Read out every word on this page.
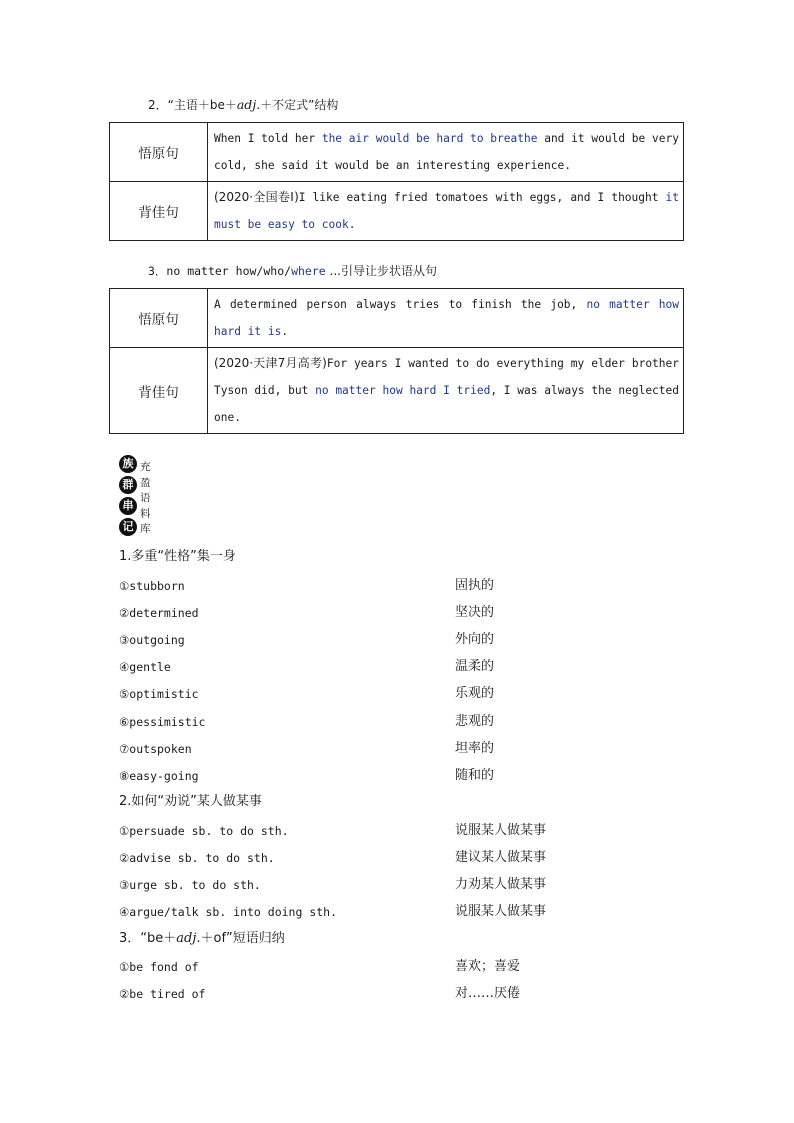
2．“主语＋be＋adj.＋不定式”结构
悟原句	When I told her the air would be hard to breathe and it would be very cold, she said it would be an interesting experience.
背佳句	(2020·全国卷Ⅰ)I like eating fried tomatoes with eggs, and I thought it must be easy to cook.
3．no matter how/who/where ...引导让步状语从句
悟原句	A determined person always tries to finish the job, no matter how hard it is.
背佳句	(2020·天津7月高考)For years I wanted to do everything my elder brother Tyson did, but no matter how hard I tried, I was always the neglected one.
族
群
串
记
充盈语料库
1.多重“性格”集一身
①stubborn	固执的
②determined	坚决的
③outgoing	外向的
④gentle	温柔的
⑤optimistic	乐观的
⑥pessimistic	悲观的
⑦outspoken	坦率的
⑧easy-going	随和的
2.如何“劝说”某人做某事
①persuade sb. to do sth.	说服某人做某事
②advise sb. to do sth.	建议某人做某事
③urge sb. to do sth.	力劝某人做某事
④argue/talk sb. into doing sth.	说服某人做某事
3．“be＋adj.＋of”短语归纳
①be fond of	喜欢；喜爱
②be tired of	对……厌倦
